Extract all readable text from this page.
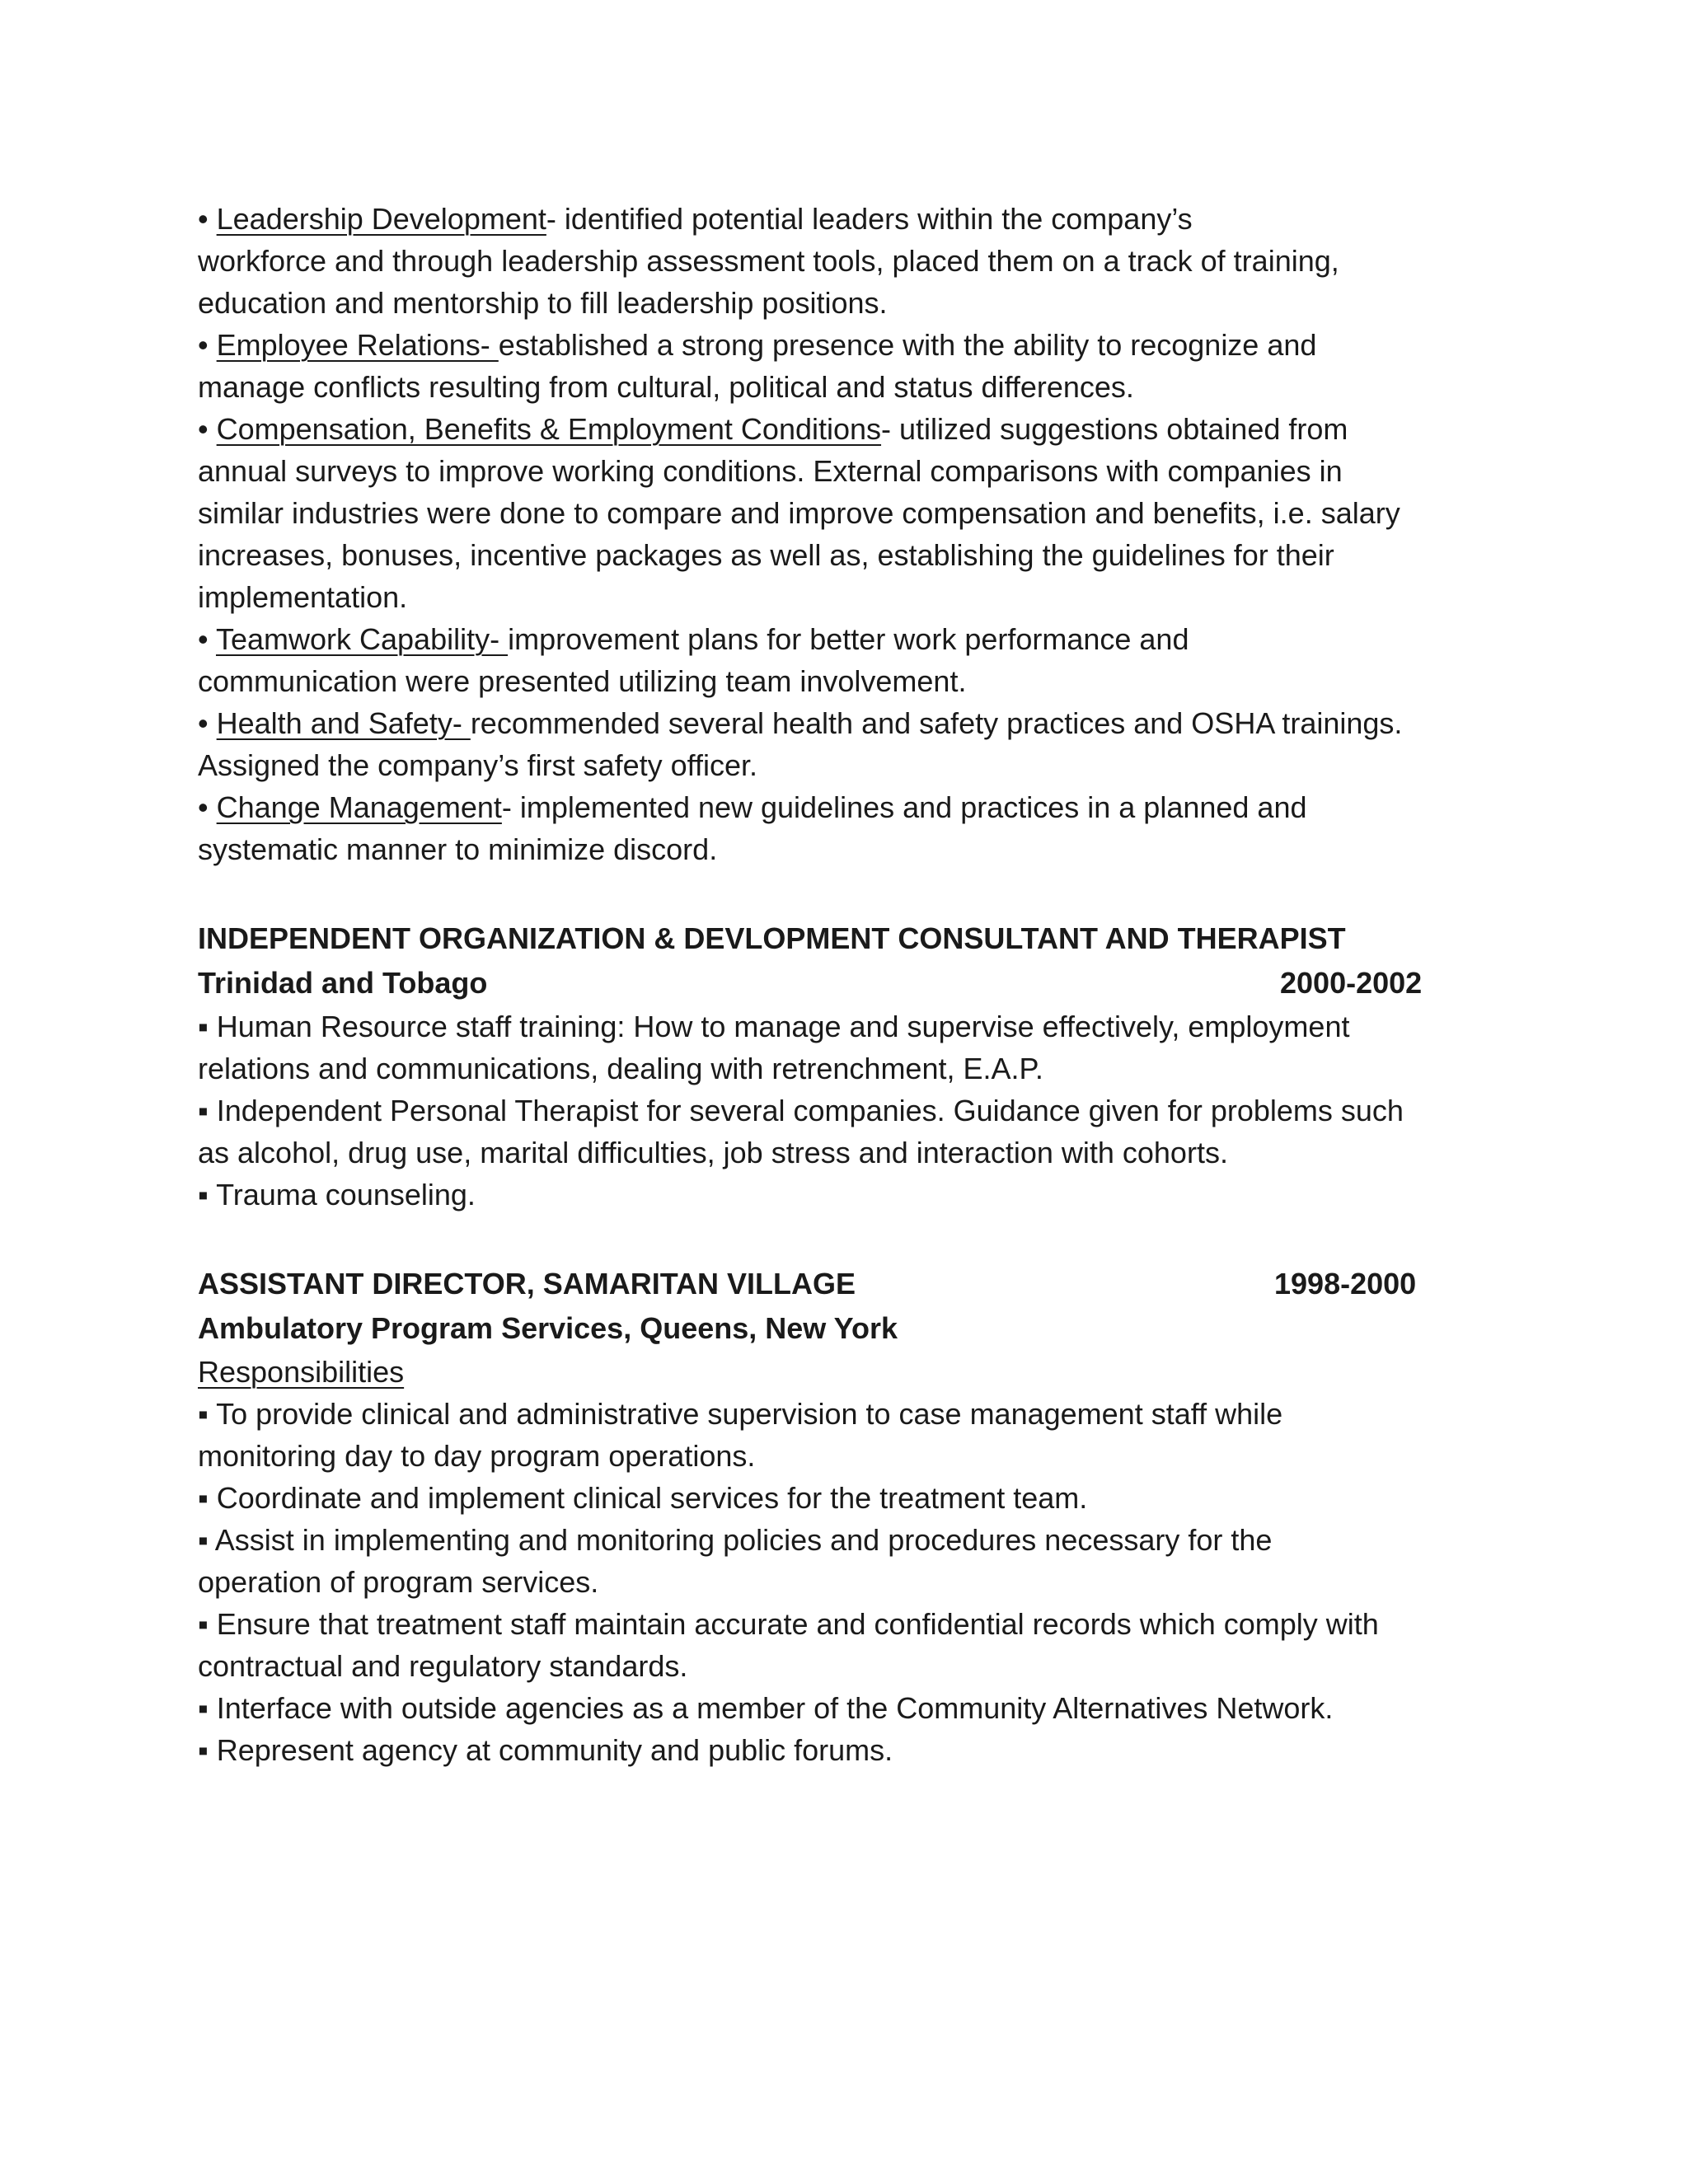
• Leadership Development- identified potential leaders within the company’s

workforce and through leadership assessment tools, placed them on a track of training,

education and mentorship to fill leadership positions.

• Employee Relations- established a strong presence with the ability to recognize and

manage conflicts resulting from cultural, political and status differences.

• Compensation, Benefits & Employment Conditions- utilized suggestions obtained from

annual surveys to improve working conditions. External comparisons with companies in

similar industries were done to compare and improve compensation and benefits, i.e. salary

increases, bonuses, incentive packages as well as, establishing the guidelines for their

implementation.

• Teamwork Capability- improvement plans for better work performance and

communication were presented utilizing team involvement.

• Health and Safety- recommended several health and safety practices and OSHA trainings.

Assigned the company’s first safety officer.

• Change Management- implemented new guidelines and practices in a planned and

systematic manner to minimize discord.

INDEPENDENT ORGANIZATION & DEVLOPMENT CONSULTANT AND THERAPIST
Trinidad and Tobago	2000-2002

▪ Human Resource staff training: How to manage and supervise effectively, employment

relations and communications, dealing with retrenchment, E.A.P.

▪ Independent Personal Therapist for several companies. Guidance given for problems such

as alcohol, drug use, marital difficulties, job stress and interaction with cohorts.

▪ Trauma counseling.

ASSISTANT DIRECTOR, SAMARITAN VILLAGE	1998-2000
Ambulatory Program Services, Queens, New York

Responsibilities

▪ To provide clinical and administrative supervision to case management staff while

monitoring day to day program operations.

▪ Coordinate and implement clinical services for the treatment team.

▪ Assist in implementing and monitoring policies and procedures necessary for the

operation of program services.

▪ Ensure that treatment staff maintain accurate and confidential records which comply with

contractual and regulatory standards.

▪ Interface with outside agencies as a member of the Community Alternatives Network.

▪ Represent agency at community and public forums.
